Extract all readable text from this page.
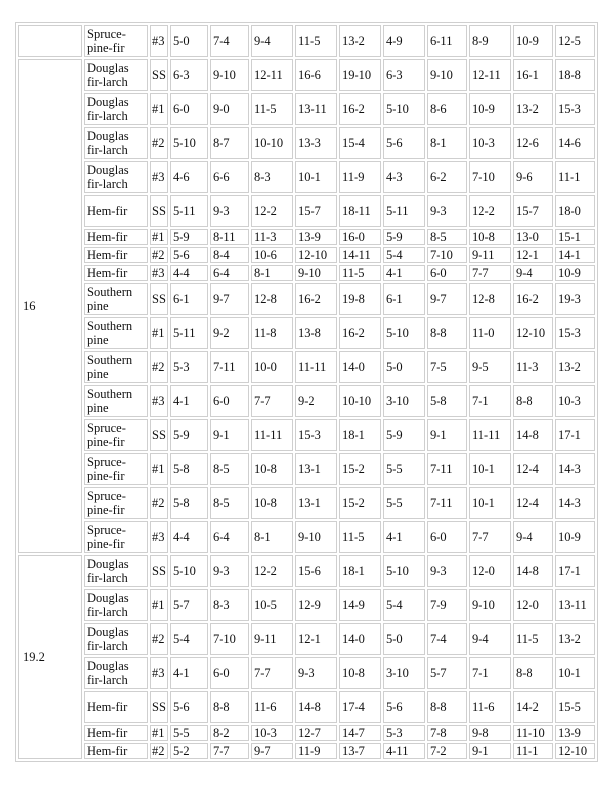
	Spruce-pine-fir	#3	5-0	7-4	9-4	11-5	13-2	4-9	6-11	8-9	10-9	12-5
16	Douglas fir-larch	SS	6-3	9-10	12-11	16-6	19-10	6-3	9-10	12-11	16-1	18-8
	Douglas fir-larch	#1	6-0	9-0	11-5	13-11	16-2	5-10	8-6	10-9	13-2	15-3
	Douglas fir-larch	#2	5-10	8-7	10-10	13-3	15-4	5-6	8-1	10-3	12-6	14-6
	Douglas fir-larch	#3	4-6	6-6	8-3	10-1	11-9	4-3	6-2	7-10	9-6	11-1
	Hem-fir	SS	5-11	9-3	12-2	15-7	18-11	5-11	9-3	12-2	15-7	18-0
	Hem-fir	#1	5-9	8-11	11-3	13-9	16-0	5-9	8-5	10-8	13-0	15-1
	Hem-fir	#2	5-6	8-4	10-6	12-10	14-11	5-4	7-10	9-11	12-1	14-1
	Hem-fir	#3	4-4	6-4	8-1	9-10	11-5	4-1	6-0	7-7	9-4	10-9
	Southern pine	SS	6-1	9-7	12-8	16-2	19-8	6-1	9-7	12-8	16-2	19-3
	Southern pine	#1	5-11	9-2	11-8	13-8	16-2	5-10	8-8	11-0	12-10	15-3
	Southern pine	#2	5-3	7-11	10-0	11-11	14-0	5-0	7-5	9-5	11-3	13-2
	Southern pine	#3	4-1	6-0	7-7	9-2	10-10	3-10	5-8	7-1	8-8	10-3
	Spruce-pine-fir	SS	5-9	9-1	11-11	15-3	18-1	5-9	9-1	11-11	14-8	17-1
	Spruce-pine-fir	#1	5-8	8-5	10-8	13-1	15-2	5-5	7-11	10-1	12-4	14-3
	Spruce-pine-fir	#2	5-8	8-5	10-8	13-1	15-2	5-5	7-11	10-1	12-4	14-3
	Spruce-pine-fir	#3	4-4	6-4	8-1	9-10	11-5	4-1	6-0	7-7	9-4	10-9
19.2	Douglas fir-larch	SS	5-10	9-3	12-2	15-6	18-1	5-10	9-3	12-0	14-8	17-1
	Douglas fir-larch	#1	5-7	8-3	10-5	12-9	14-9	5-4	7-9	9-10	12-0	13-11
	Douglas fir-larch	#2	5-4	7-10	9-11	12-1	14-0	5-0	7-4	9-4	11-5	13-2
	Douglas fir-larch	#3	4-1	6-0	7-7	9-3	10-8	3-10	5-7	7-1	8-8	10-1
	Hem-fir	SS	5-6	8-8	11-6	14-8	17-4	5-6	8-8	11-6	14-2	15-5
	Hem-fir	#1	5-5	8-2	10-3	12-7	14-7	5-3	7-8	9-8	11-10	13-9
	Hem-fir	#2	5-2	7-7	9-7	11-9	13-7	4-11	7-2	9-1	11-1	12-10
